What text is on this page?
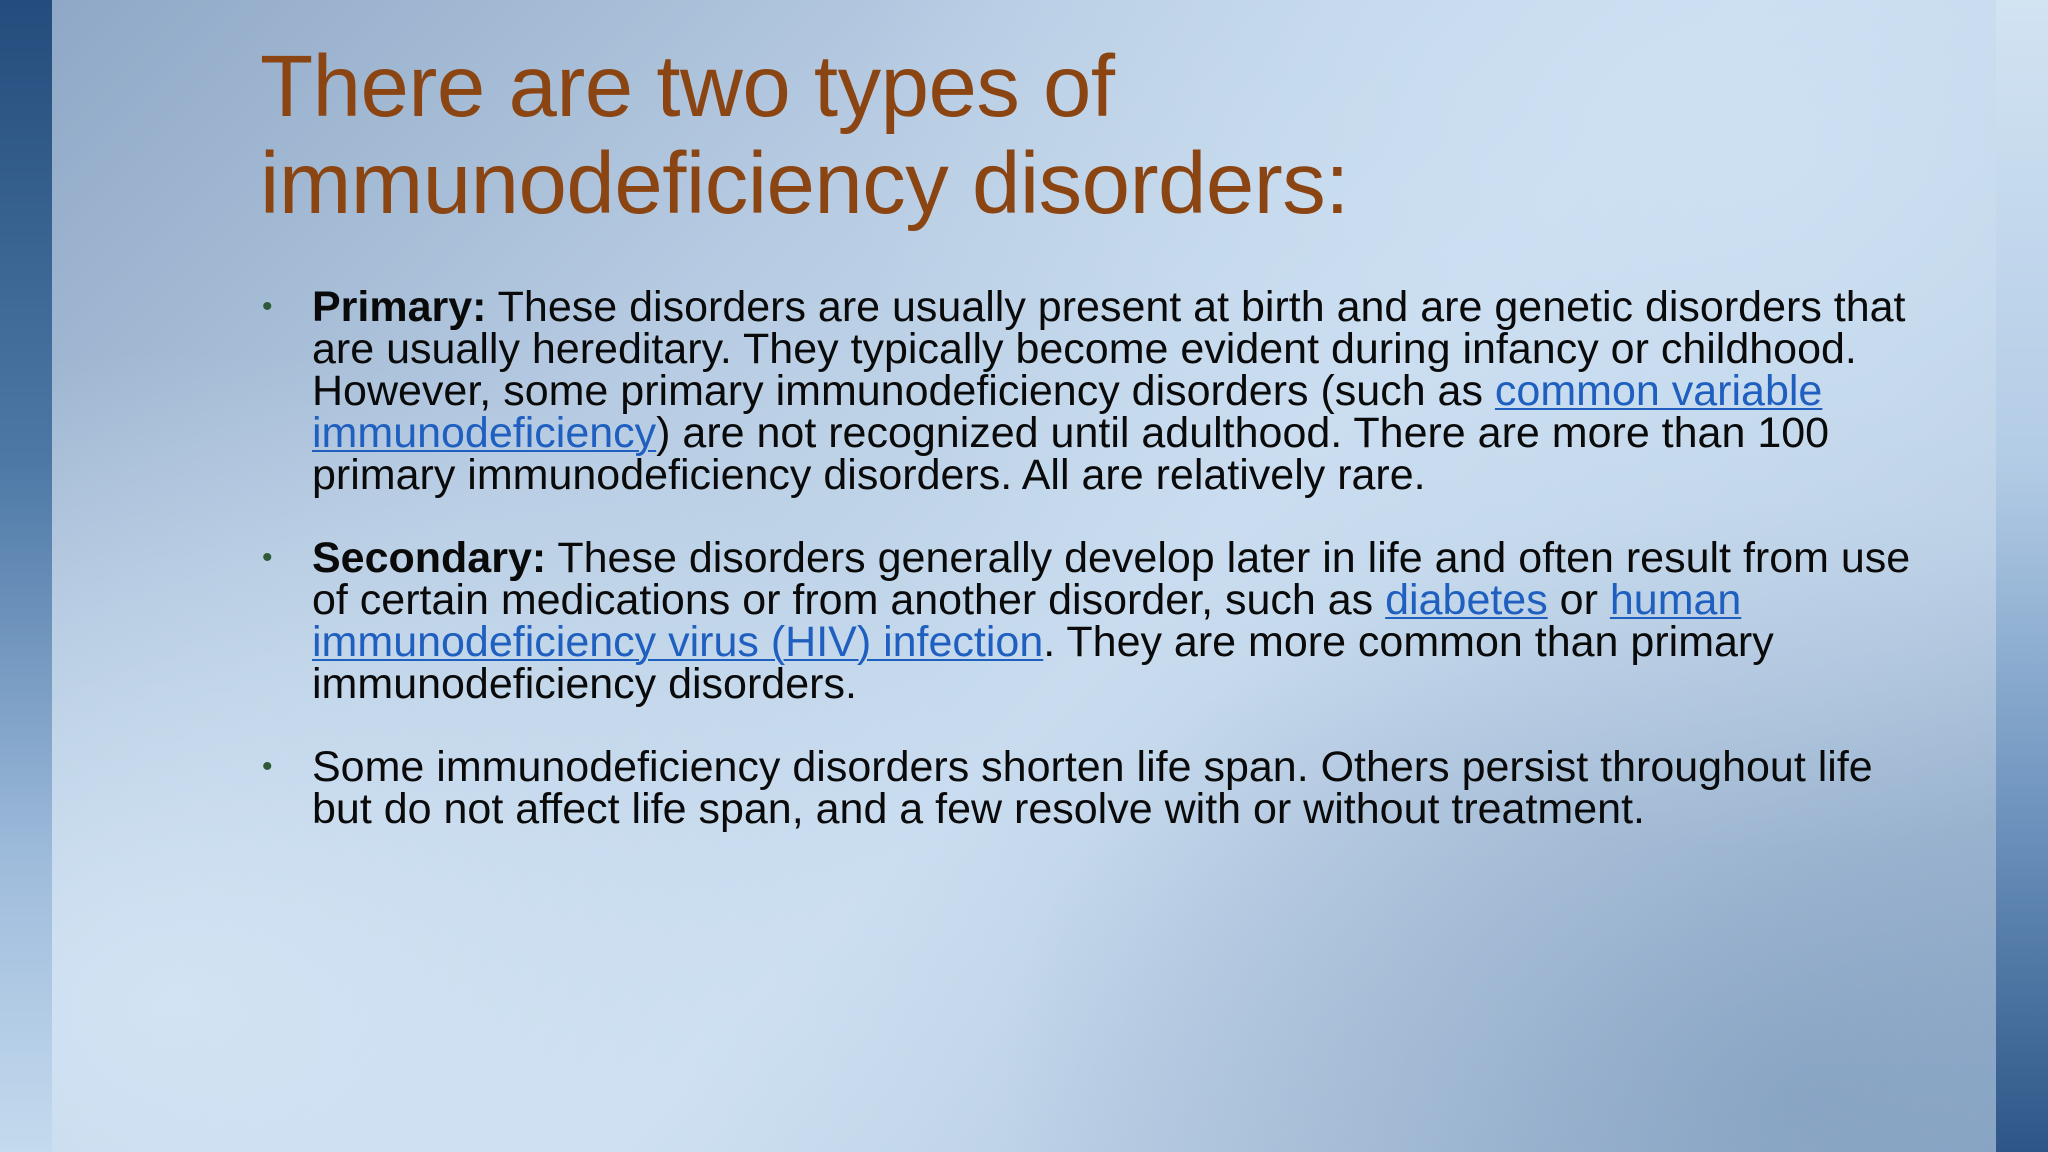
There are two types of
immunodeficiency disorders:
• Primary: These disorders are usually present at birth and are genetic disorders that are usually hereditary. They typically become evident during infancy or childhood. However, some primary immunodeficiency disorders (such as common variable immunodeficiency) are not recognized until adulthood. There are more than 100 primary immunodeficiency disorders. All are relatively rare.
• Secondary: These disorders generally develop later in life and often result from use of certain medications or from another disorder, such as diabetes or human immunodeficiency virus (HIV) infection. They are more common than primary immunodeficiency disorders.
• Some immunodeficiency disorders shorten life span. Others persist throughout life but do not affect life span, and a few resolve with or without treatment.
